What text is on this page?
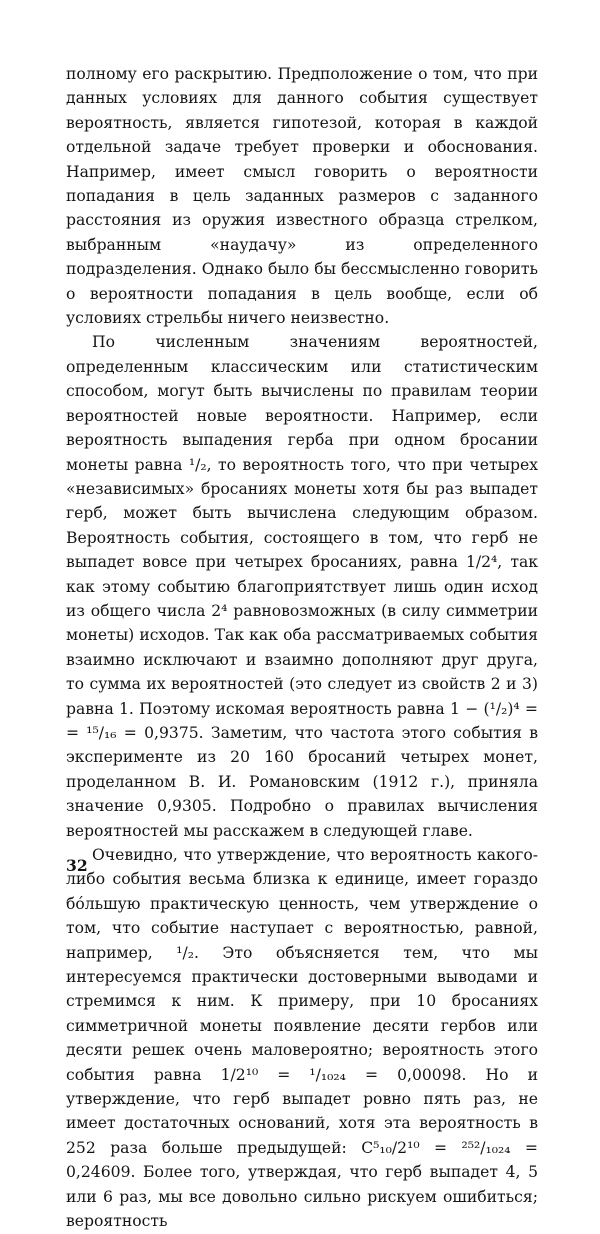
полному его раскрытию. Предположение о том, что при данных условиях для данного события существует вероятность, является гипотезой, которая в каждой отдельной задаче требует проверки и обоснования. Например, имеет смысл говорить о вероятности попадания в цель заданных размеров с заданного расстояния из оружия известного образца стрелком, выбранным «наудачу» из определенного подразделения. Однако было бы бессмысленно говорить о вероятности попадания в цель вообще, если об условиях стрельбы ничего неизвестно.

По численным значениям вероятностей, определенным классическим или статистическим способом, могут быть вычислены по правилам теории вероятностей новые вероятности. Например, если вероятность выпадения герба при одном бросании монеты равна ¹/₂, то вероятность того, что при четырех «независимых» бросаниях монеты хотя бы раз выпадет герб, может быть вычислена следующим образом. Вероятность события, состоящего в том, что герб не выпадет вовсе при четырех бросаниях, равна 1/2⁴, так как этому событию благоприятствует лишь один исход из общего числа 2⁴ равновозможных (в силу симметрии монеты) исходов. Так как оба рассматриваемых события взаимно исключают и взаимно дополняют друг друга, то сумма их вероятностей (это следует из свойств 2 и 3) равна 1. Поэтому искомая вероятность равна 1 − (¹/₂)⁴ = = ¹⁵/₁₆ = 0,9375. Заметим, что частота этого события в эксперименте из 20 160 бросаний четырех монет, проделанном В. И. Романовским (1912 г.), приняла значение 0,9305. Подробно о правилах вычисления вероятностей мы расскажем в следующей главе.

Очевидно, что утверждение, что вероятность какого-либо события весьма близка к единице, имеет гораздо бо́льшую практическую ценность, чем утверждение о том, что событие наступает с вероятностью, равной, например, ¹/₂. Это объясняется тем, что мы интересуемся практически достоверными выводами и стремимся к ним. К примеру, при 10 бросаниях симметричной монеты появление десяти гербов или десяти решек очень маловероятно; вероятность этого события равна 1/2¹⁰ = ¹/₁₀₂₄ = 0,00098. Но и утверждение, что герб выпадет ровно пять раз, не имеет достаточных оснований, хотя эта вероятность в 252 раза больше предыдущей: C⁵₁₀/2¹⁰ = ²⁵²/₁₀₂₄ = 0,24609. Более того, утверждая, что герб выпадет 4, 5 или 6 раз, мы все довольно сильно рискуем ошибиться; вероятность

32
